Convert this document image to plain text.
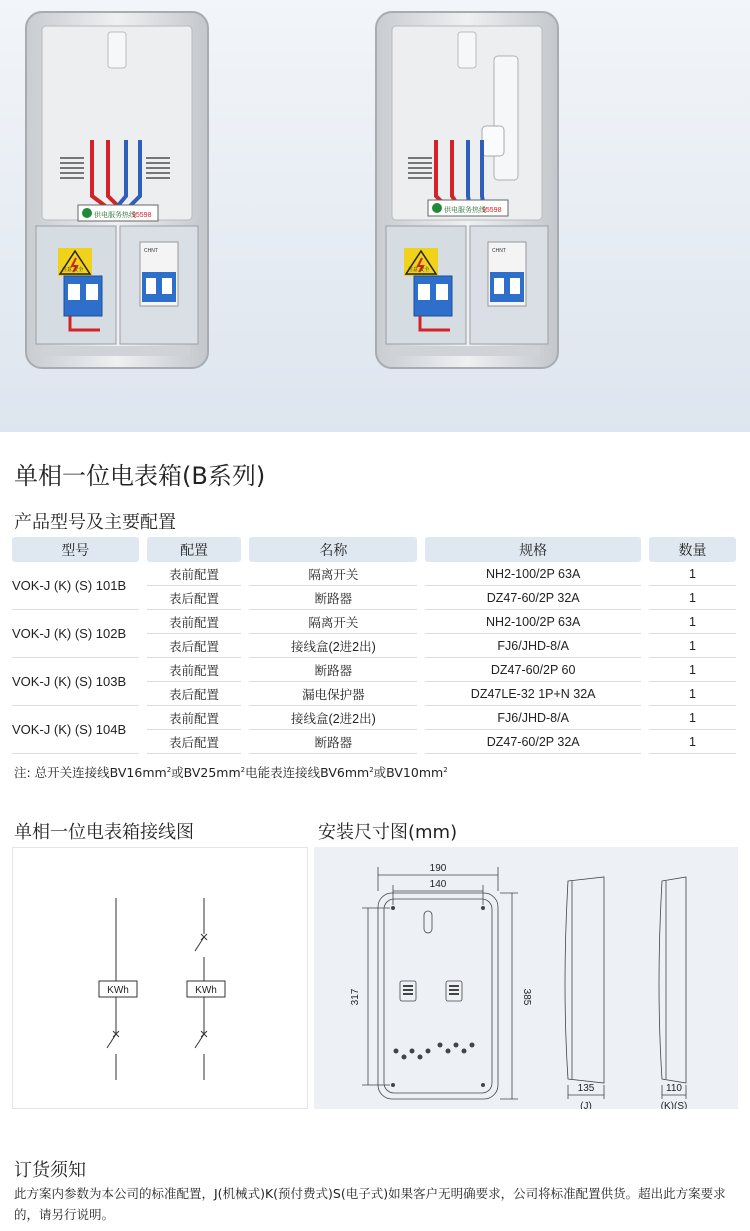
供电服务热线
95598
注意 安全
CHNT
供电服务热线
95598
注意 安全
CHNT
单相一位电表箱(B系列)
产品型号及主要配置
型号	配置	名称	规格	数量
VOK-J (K) (S) 101B	表前配置	隔离开关	NH2-100/2P 63A	1
	表后配置	断路器	DZ47-60/2P 32A	1
VOK-J (K) (S) 102B	表前配置	隔离开关	NH2-100/2P 63A	1
	表后配置	接线盒(2进2出)	FJ6/JHD-8/A	1
VOK-J (K) (S) 103B	表前配置	断路器	DZ47-60/2P 60	1
	表后配置	漏电保护器	DZ47LE-32 1P+N 32A	1
VOK-J (K) (S) 104B	表前配置	接线盒(2进2出)	FJ6/JHD-8/A	1
	表后配置	断路器	DZ47-60/2P 32A	1
注: 总开关连接线$BV16mm^2$或$BV25mm^2$电能表连接线$BV6mm^2$或$BV10mm^2$
单相一位电表箱接线图	安装尺寸图(mm)
KWh	KWh
190
140
317	385
135
(J)
110
(K)(S)
订货须知
此方案内参数为本公司的标准配置，J(机械式)K(预付费式)S(电子式)如果客户无明确要求，公司将标准配置供货。超出此方案要求的，请另行说明。
